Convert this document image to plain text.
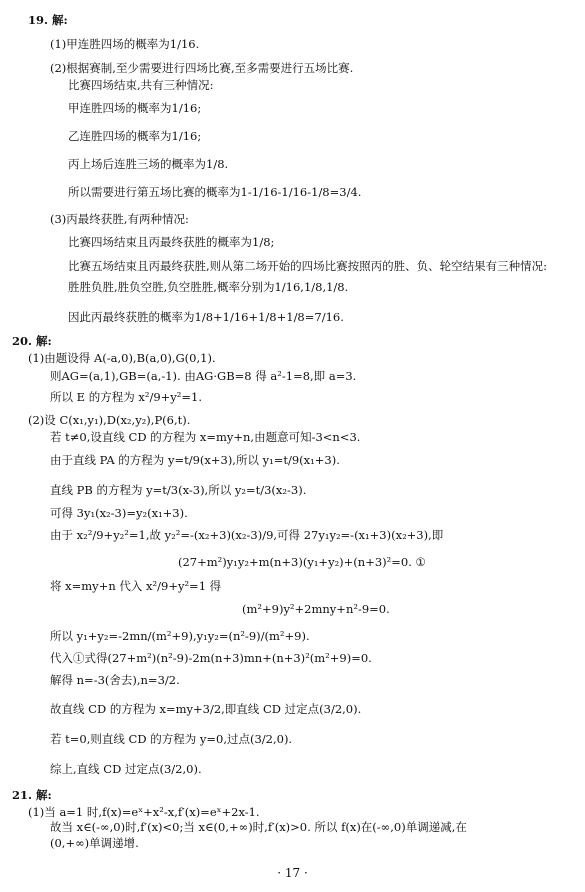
19. 解:
(1)甲连胜四场的概率为1/16.
(2)根据赛制,至少需要进行四场比赛,至多需要进行五场比赛.
比赛四场结束,共有三种情况:
甲连胜四场的概率为1/16;
乙连胜四场的概率为1/16;
丙上场后连胜三场的概率为1/8.
所以需要进行第五场比赛的概率为1-1/16-1/16-1/8=3/4.
(3)丙最终获胜,有两种情况:
比赛四场结束且丙最终获胜的概率为1/8;
比赛五场结束且丙最终获胜,则从第二场开始的四场比赛按照丙的胜、负、轮空结果有三种情况:
胜胜负胜,胜负空胜,负空胜胜,概率分别为1/16,1/8,1/8.
因此丙最终获胜的概率为1/8+1/16+1/8+1/8=7/16.
20. 解:
(1)由题设得 A(-a,0),B(a,0),G(0,1).
则AG=(a,1),GB=(a,-1). 由AG·GB=8 得 a²-1=8,即 a=3.
所以 E 的方程为 x²/9+y²=1.
(2)设 C(x₁,y₁),D(x₂,y₂),P(6,t).
若 t≠0,设直线 CD 的方程为 x=my+n,由题意可知-3<n<3.
由于直线 PA 的方程为 y=t/9(x+3),所以 y₁=t/9(x₁+3).
直线 PB 的方程为 y=t/3(x-3),所以 y₂=t/3(x₂-3).
可得 3y₁(x₂-3)=y₂(x₁+3).
由于 x₂²/9+y₂²=1,故 y₂²=-(x₂+3)(x₂-3)/9,可得 27y₁y₂=-(x₁+3)(x₂+3),即
(27+m²)y₁y₂+m(n+3)(y₁+y₂)+(n+3)²=0. ①
将 x=my+n 代入 x²/9+y²=1 得
(m²+9)y²+2mny+n²-9=0.
所以 y₁+y₂=-2mn/(m²+9),y₁y₂=(n²-9)/(m²+9).
代入①式得(27+m²)(n²-9)-2m(n+3)mn+(n+3)²(m²+9)=0.
解得 n=-3(舍去),n=3/2.
故直线 CD 的方程为 x=my+3/2,即直线 CD 过定点(3/2,0).
若 t=0,则直线 CD 的方程为 y=0,过点(3/2,0).
综上,直线 CD 过定点(3/2,0).
21. 解:
(1)当 a=1 时,f(x)=eˣ+x²-x,f′(x)=eˣ+2x-1.
故当 x∈(-∞,0)时,f′(x)<0;当 x∈(0,+∞)时,f′(x)>0. 所以 f(x)在(-∞,0)单调递减,在
(0,+∞)单调递增.
· 17 ·
